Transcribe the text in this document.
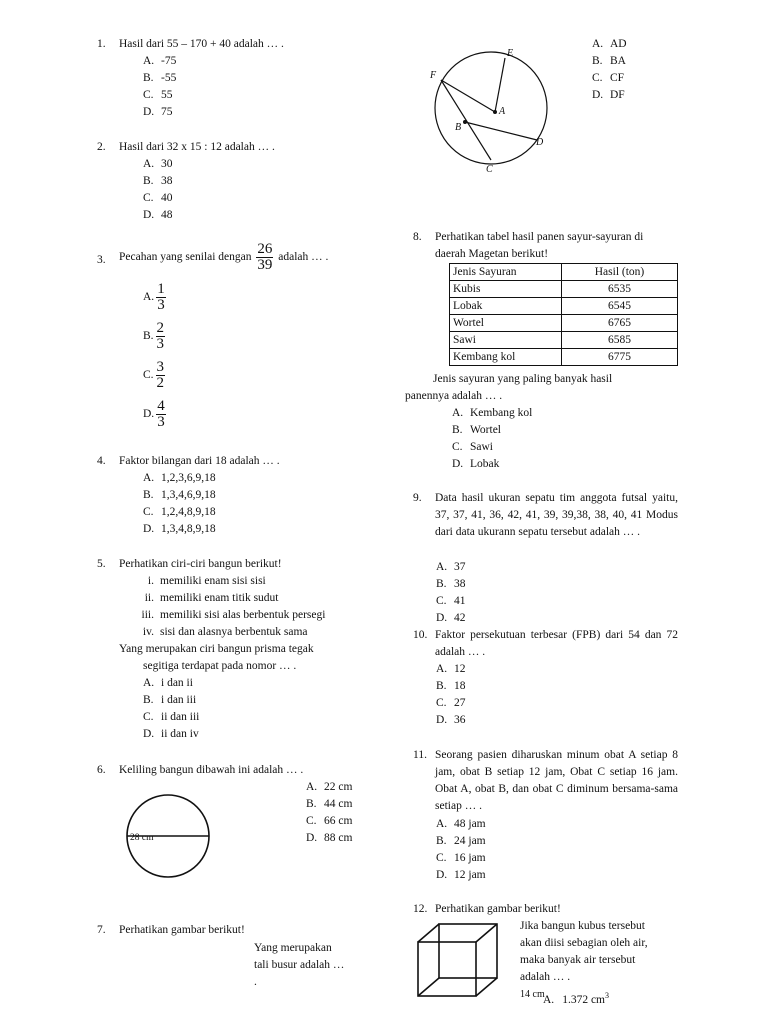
1.	Hasil dari 55 – 170 + 40 adalah … .
A. -75
B. -55
C. 55
D. 75
2.	Hasil dari 32 x 15 : 12 adalah … .
A. 30
B. 38
C. 40
D. 48
3.	Pecahan yang senilai dengan $\frac{26}{39}$ adalah … .
A. $\frac{1}{3}$
B. $\frac{2}{3}$
C. $\frac{3}{2}$
D. $\frac{4}{3}$
4.	Faktor bilangan dari 18 adalah … .
A. 1,2,3,6,9,18
B. 1,3,4,6,9,18
C. 1,2,4,8,9,18
D. 1,3,4,8,9,18
5.	Perhatikan ciri-ciri bangun berikut!
i. memiliki enam sisi sisi
ii. memiliki enam titik sudut
iii. memiliki sisi alas berbentuk persegi
iv. sisi dan alasnya berbentuk sama
Yang merupakan ciri bangun prisma tegak
segitiga terdapat pada nomor … .
A. i dan ii
B. i dan iii
C. ii dan iii
D. ii dan iv
6.	Keliling bangun dibawah ini adalah … .
28 cm
A. 22 cm
B. 44 cm
C. 66 cm
D. 88 cm
7.	Perhatikan gambar berikut!
Yang merupakan
tali busur adalah …
.
E
F
A
B
C
D
A. AD
B. BA
C. CF
D. DF
8.	Perhatikan tabel hasil panen sayur-sayuran di
daerah Magetan berikut!
Jenis Sayuran	Hasil (ton)
Kubis	6535
Lobak	6545
Wortel	6765
Sawi	6585
Kembang kol	6775
Jenis sayuran yang paling banyak hasil
panennya adalah … .
A. Kembang kol
B. Wortel
C. Sawi
D. Lobak
9.	Data hasil ukuran sepatu tim anggota futsal yaitu, 37, 37, 41, 36, 42, 41, 39, 39,38, 38, 40, 41 Modus dari data ukurann sepatu tersebut adalah … .
A. 37
B. 38
C. 41
D. 42
10. Faktor persekutuan terbesar (FPB) dari 54 dan 72 adalah … .
A. 12
B. 18
C. 27
D. 36
11. Seorang pasien diharuskan minum obat A setiap 8 jam, obat B setiap 12 jam, Obat C setiap 16 jam. Obat A, obat B, dan obat C diminum bersama-sama setiap … .
A. 48 jam
B. 24 jam
C. 16 jam
D. 12 jam
12. Perhatikan gambar berikut!
Jika bangun kubus tersebut
akan diisi sebagian oleh air,
maka banyak air tersebut
adalah … .
14 cm
A. 1.372 $cm^3$
